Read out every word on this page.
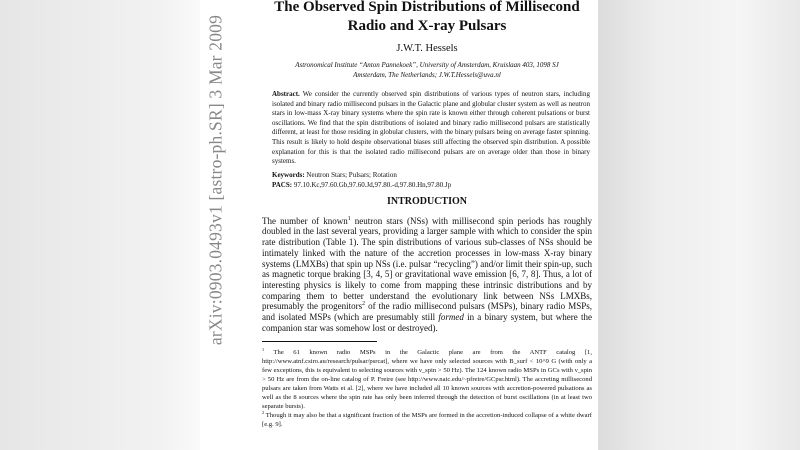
arXiv:0903.0493v1 [astro-ph.SR] 3 Mar 2009
The Observed Spin Distributions of Millisecond
Radio and X-ray Pulsars
J.W.T. Hessels
Astronomical Institute “Anton Pannekoek”, University of Amsterdam, Kruislaan 403, 1098 SJ
Amsterdam, The Netherlands; J.W.T.Hessels@uva.nl
Abstract. We consider the currently observed spin distributions of various types of neutron stars, including isolated and binary radio millisecond pulsars in the Galactic plane and globular cluster system as well as neutron stars in low-mass X-ray binary systems where the spin rate is known either through coherent pulsations or burst oscillations. We find that the spin distributions of isolated and binary radio millisecond pulsars are statistically different, at least for those residing in globular clusters, with the binary pulsars being on average faster spinning. This result is likely to hold despite observational biases still affecting the observed spin distribution. A possible explanation for this is that the isolated radio millisecond pulsars are on average older than those in binary systems.
Keywords: Neutron Stars; Pulsars; Rotation
PACS: 97.10.Kc,97.60.Gb,97.60.Jd,97.80.-d,97.80.Hn,97.80.Jp
INTRODUCTION
The number of known$^1$ neutron stars (NSs) with millisecond spin periods has roughly doubled in the last several years, providing a larger sample with which to consider the spin rate distribution (Table 1). The spin distributions of various sub-classes of NSs should be intimately linked with the nature of the accretion processes in low-mass X-ray binary systems (LMXBs) that spin up NSs (i.e. pulsar “recycling”) and/or limit their spin-up, such as magnetic torque braking [3, 4, 5] or gravitational wave emission [6, 7, 8]. Thus, a lot of interesting physics is likely to come from mapping these intrinsic distributions and by comparing them to better understand the evolutionary link between NSs LMXBs, presumably the progenitors$^2$ of the radio millisecond pulsars (MSPs), binary radio MSPs, and isolated MSPs (which are presumably still formed in a binary system, but where the companion star was somehow lost or destroyed).
$^1$ The 61 known radio MSPs in the Galactic plane are from the ANTF catalog [1, http://www.atnf.csiro.au/research/pulsar/psrcat], where we have only selected sources with B_surf < 10^9 G (with only a few exceptions, this is equivalent to selecting sources with ν_spin > 50 Hz). The 124 known radio MSPs in GCs with ν_spin > 50 Hz are from the on-line catalog of P. Freire (see http://www.naic.edu/~pfreire/GCpsr.html). The accreting millisecond pulsars are taken from Watts et al. [2], where we have included all 10 known sources with accretion-powered pulsations as well as the 8 sources where the spin rate has only been inferred through the detection of burst oscillations (in at least two separate bursts).
$^2$ Though it may also be that a significant fraction of the MSPs are formed in the accretion-induced collapse of a white dwarf [e.g. 9].
